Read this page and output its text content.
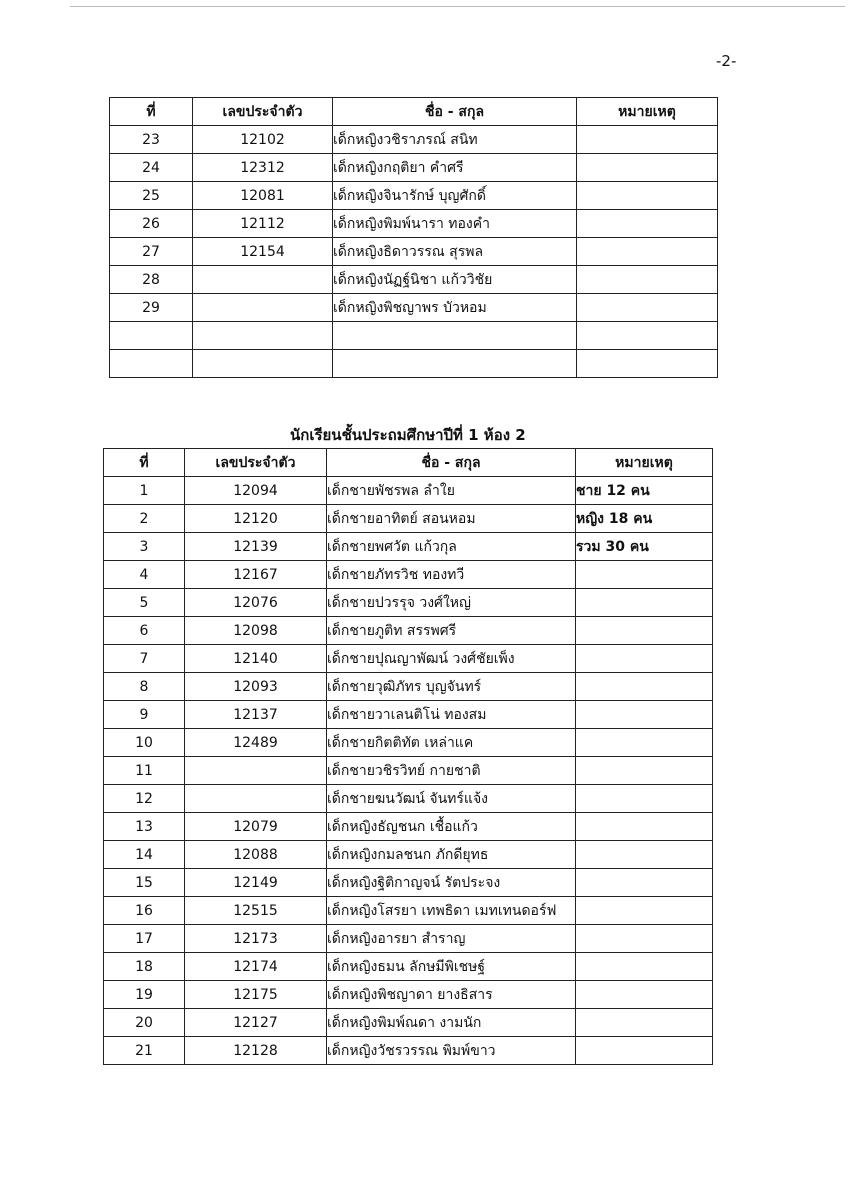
-2-
ที่	เลขประจำตัว	ชื่อ - สกุล	หมายเหตุ
23	12102	เด็กหญิงวชิราภรณ์ สนิท	
24	12312	เด็กหญิงกฤติยา คำศรี	
25	12081	เด็กหญิงจินารักษ์ บุญศักดิ์	
26	12112	เด็กหญิงพิมพ์นารา ทองคำ	
27	12154	เด็กหญิงธิดาวรรณ สุรพล	
28		เด็กหญิงนัฏฐ์นิชา แก้ววิชัย	
29		เด็กหญิงพิชญาพร บัวหอม	

นักเรียนชั้นประถมศึกษาปีที่ 1 ห้อง 2
ที่	เลขประจำตัว	ชื่อ - สกุล	หมายเหตุ
1	12094	เด็กชายพัชรพล ลำใย	ชาย 12 คน
2	12120	เด็กชายอาทิตย์ สอนหอม	หญิง 18 คน
3	12139	เด็กชายพศวัต แก้วกุล	รวม 30 คน
4	12167	เด็กชายภัทรวิช ทองทวี	
5	12076	เด็กชายปวรรุจ วงศ์ใหญ่	
6	12098	เด็กชายภูติท สรรพศรี	
7	12140	เด็กชายปุณญาพัฒน์ วงศ์ชัยเพ็ง	
8	12093	เด็กชายวุฒิภัทร บุญจันทร์	
9	12137	เด็กชายวาเลนติโน่ ทองสม	
10	12489	เด็กชายกิตติทัต เหล่าแค	
11		เด็กชายวชิรวิทย์ กายชาติ	
12		เด็กชายฆนวัฒน์ จันทร์แจ้ง	
13	12079	เด็กหญิงธัญชนก เชื้อแก้ว	
14	12088	เด็กหญิงกมลชนก ภักดียุทธ	
15	12149	เด็กหญิงฐิติกาญจน์ รัตประจง	
16	12515	เด็กหญิงโสรยา เทพธิดา เมทเทนดอร์ฟ	
17	12173	เด็กหญิงอารยา สำราญ	
18	12174	เด็กหญิงธมน ลักษมีพิเชษฐ์	
19	12175	เด็กหญิงพิชญาดา ยางธิสาร	
20	12127	เด็กหญิงพิมพ์ณดา งามนัก	
21	12128	เด็กหญิงวัชรวรรณ พิมพ์ขาว	
